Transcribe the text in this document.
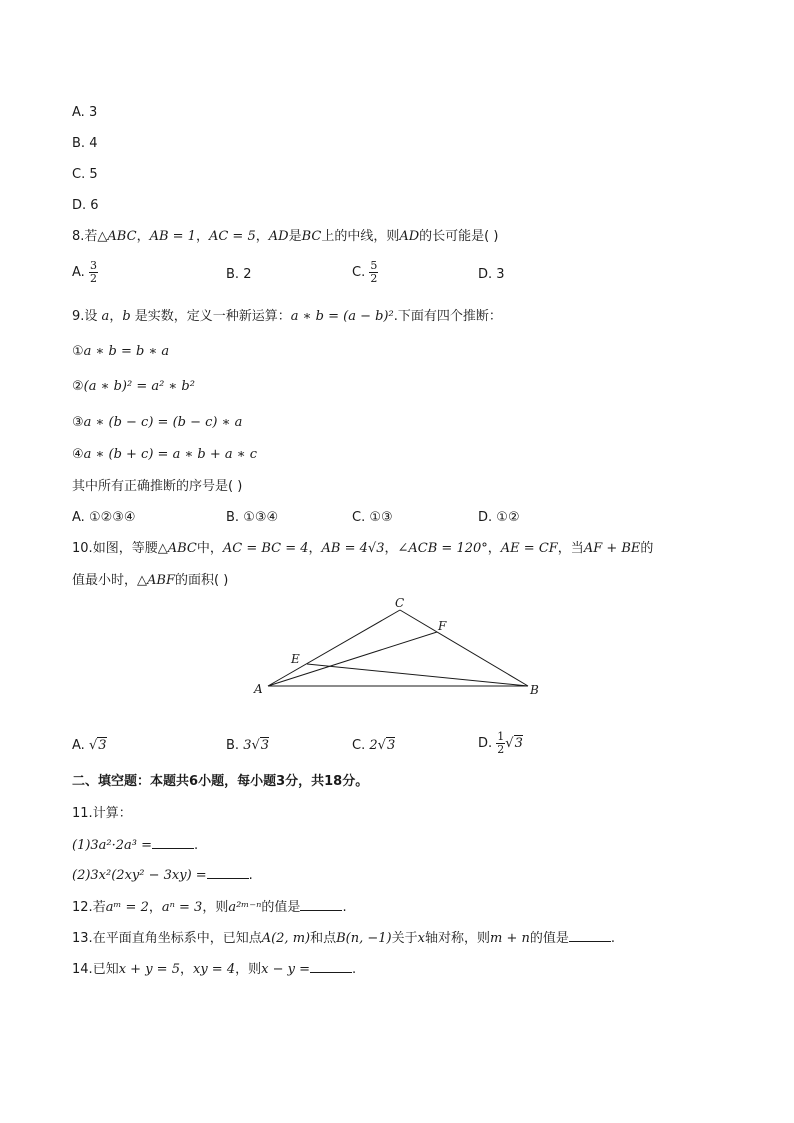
A. 3
B. 4
C. 5
D. 6
8.若△ABC，AB = 1，AC = 5，AD是BC上的中线，则AD的长可能是( )
A. $\frac{3}{2}$	B. 2	C. $\frac{5}{2}$	D. 3
9.设 a，b 是实数，定义一种新运算：a ∗ b = (a − b)².下面有四个推断：
①a ∗ b = b ∗ a
②(a ∗ b)² = a² ∗ b²
③a ∗ (b − c) = (b − c) ∗ a
④a ∗ (b + c) = a ∗ b + a ∗ c
其中所有正确推断的序号是( )
A. ①②③④	B. ①③④	C. ①③	D. ①②
10.如图，等腰△ABC中，AC = BC = 4，AB = 4√3，∠ACB = 120°，AE = CF，当AF + BE的
值最小时，△ABF的面积( )
A	B
C
E
F
A. √3	B. 3√3	C. 2√3	D. $\frac{1}{2} √3$
二、填空题：本题共6小题，每小题3分，共18分。
11.计算：
(1)3a²·2a³ =	.
(2)3x²(2xy² − 3xy) =	.
12.若aᵐ = 2，aⁿ = 3，则a²ᵐ⁻ⁿ的值是	.
13.在平面直角坐标系中，已知点A(2, m)和点B(n, −1)关于x轴对称，则m + n的值是	.
14.已知x + y = 5，xy = 4，则x − y =	.
